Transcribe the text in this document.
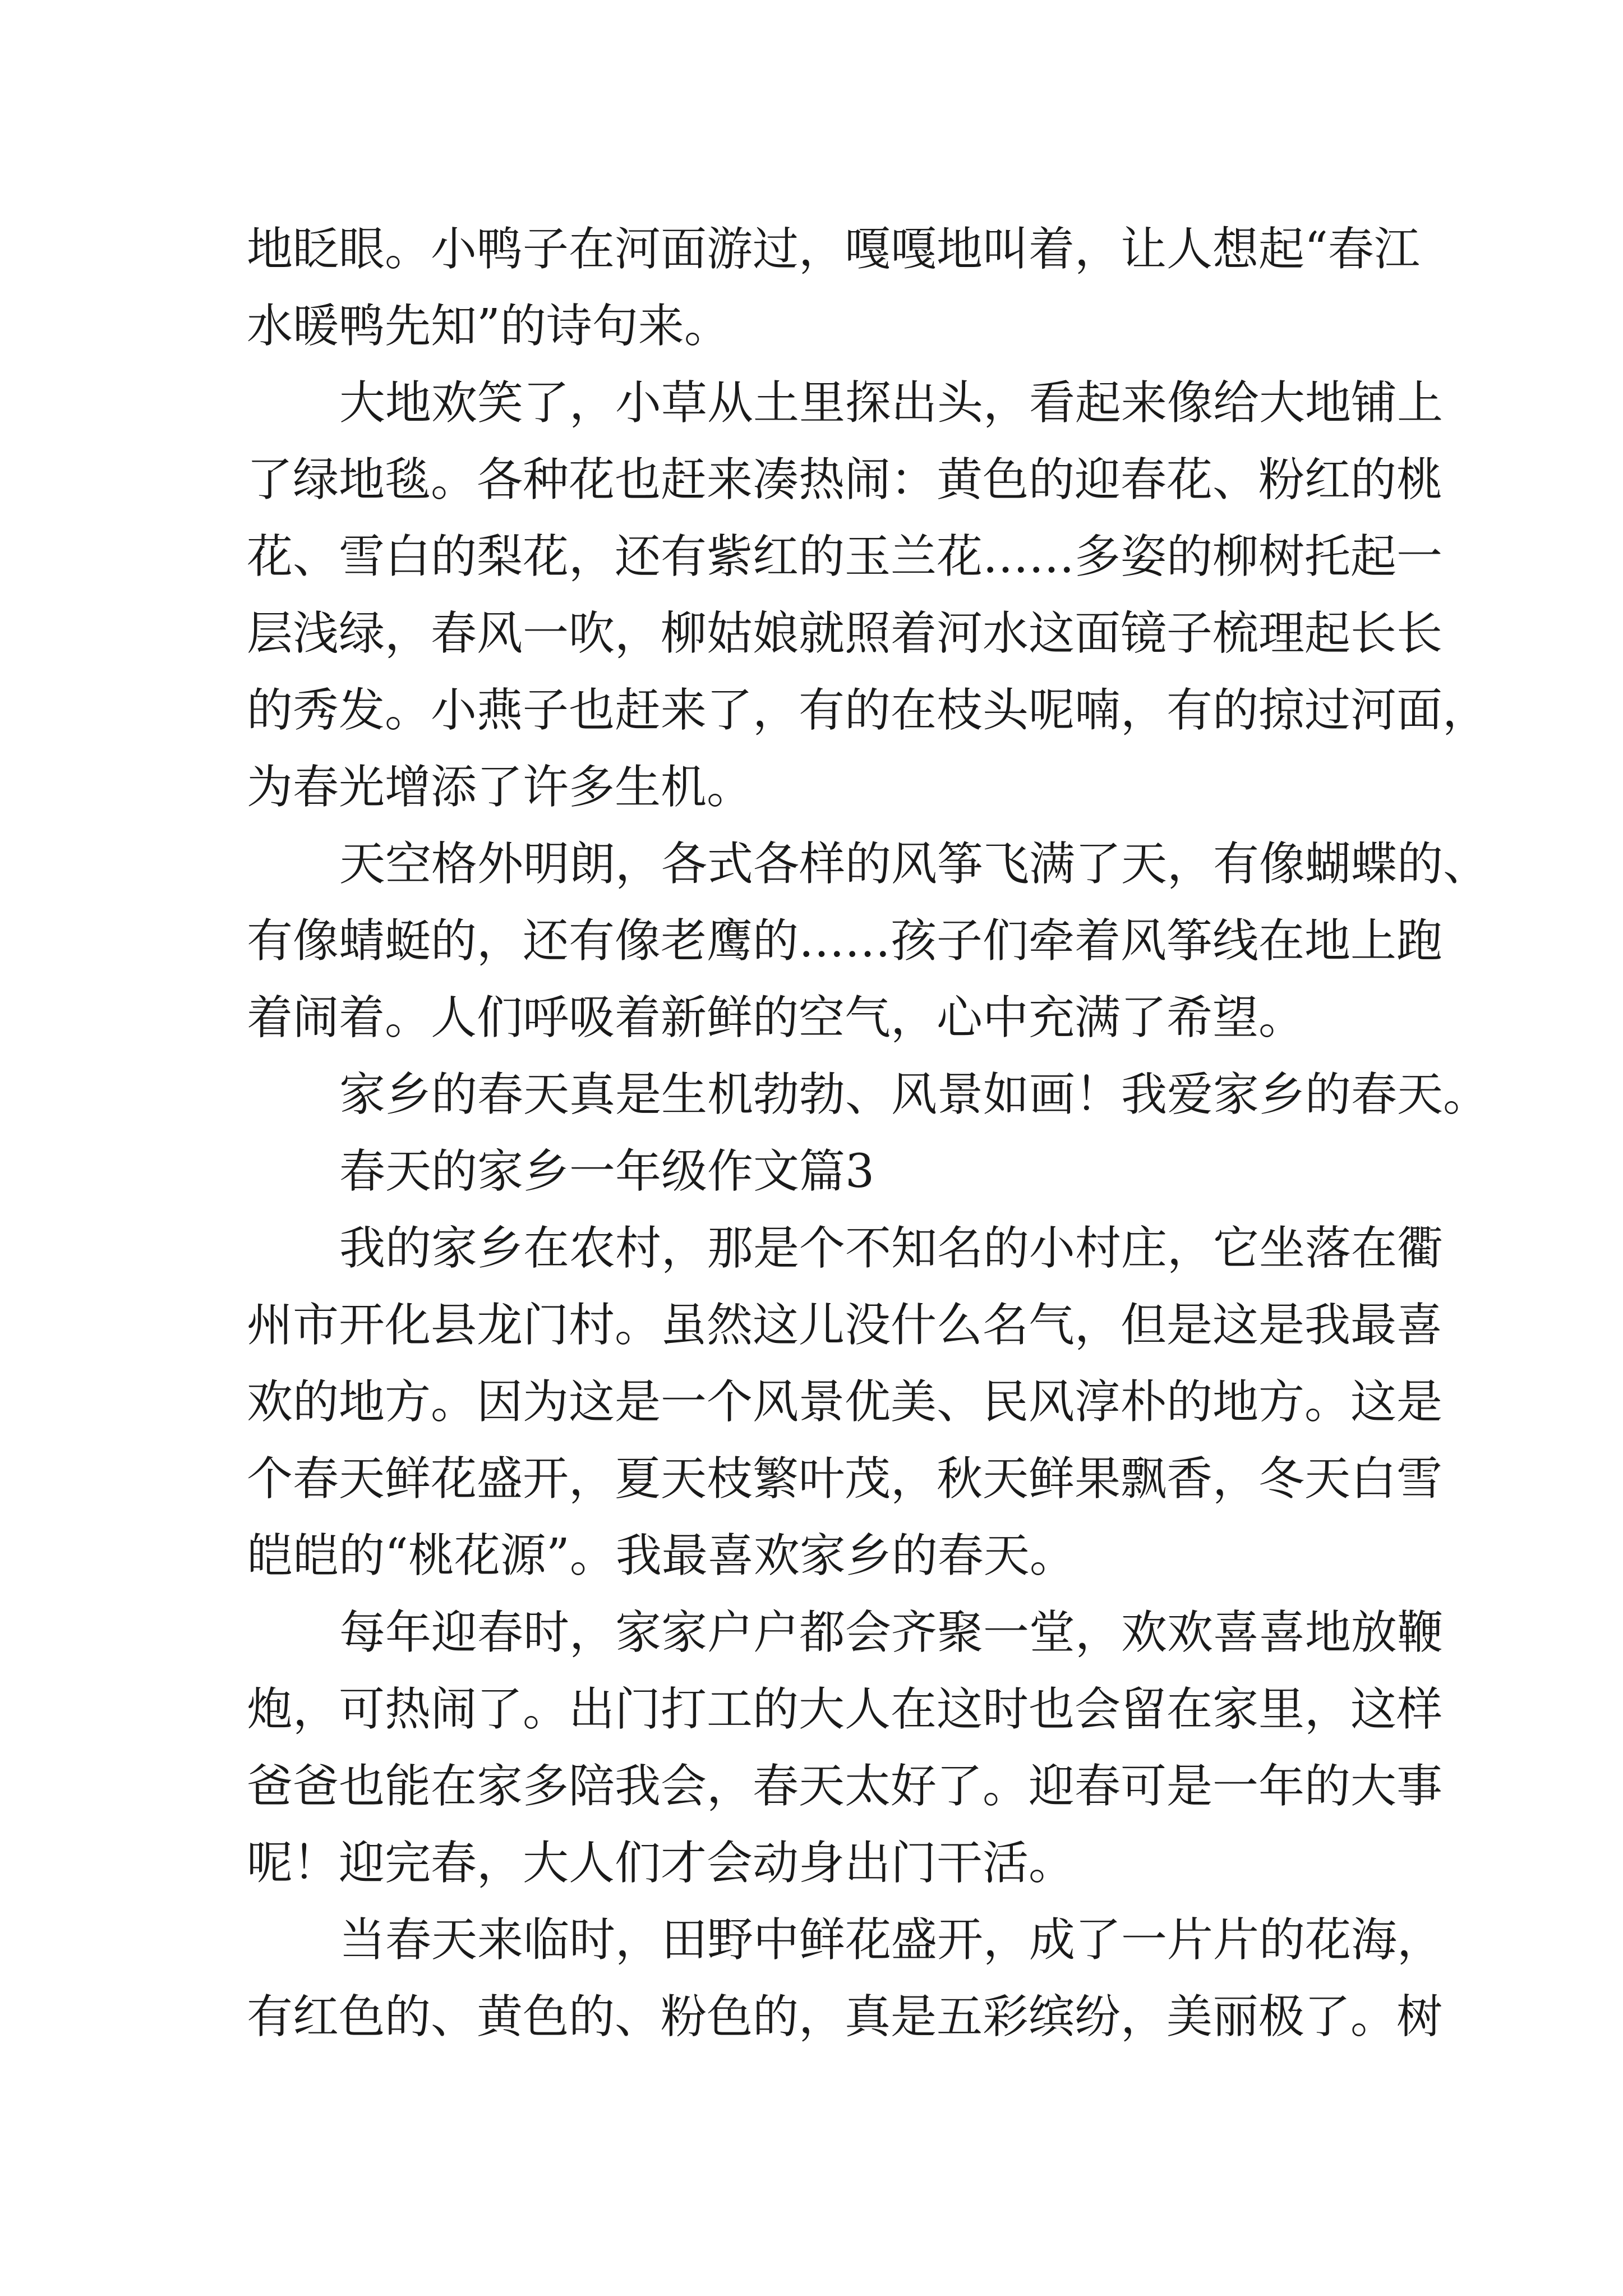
地眨眼。小鸭子在河面游过，嘎嘎地叫着，让人想起“春江
水暖鸭先知”的诗句来。
大地欢笑了，小草从土里探出头，看起来像给大地铺上
了绿地毯。各种花也赶来凑热闹：黄色的迎春花、粉红的桃
花、雪白的梨花，还有紫红的玉兰花……多姿的柳树托起一
层浅绿，春风一吹，柳姑娘就照着河水这面镜子梳理起长长
的秀发。小燕子也赶来了，有的在枝头呢喃，有的掠过河面，
为春光增添了许多生机。
天空格外明朗，各式各样的风筝飞满了天，有像蝴蝶的、
有像蜻蜓的，还有像老鹰的……孩子们牵着风筝线在地上跑
着闹着。人们呼吸着新鲜的空气，心中充满了希望。
家乡的春天真是生机勃勃、风景如画！我爱家乡的春天。
春天的家乡一年级作文篇3
我的家乡在农村，那是个不知名的小村庄，它坐落在衢
州市开化县龙门村。虽然这儿没什么名气，但是这是我最喜
欢的地方。因为这是一个风景优美、民风淳朴的地方。这是
个春天鲜花盛开，夏天枝繁叶茂，秋天鲜果飘香，冬天白雪
皑皑的“桃花源”。我最喜欢家乡的春天。
每年迎春时，家家户户都会齐聚一堂，欢欢喜喜地放鞭
炮，可热闹了。出门打工的大人在这时也会留在家里，这样
爸爸也能在家多陪我会，春天太好了。迎春可是一年的大事
呢！迎完春，大人们才会动身出门干活。
当春天来临时，田野中鲜花盛开，成了一片片的花海，
有红色的、黄色的、粉色的，真是五彩缤纷，美丽极了。树
